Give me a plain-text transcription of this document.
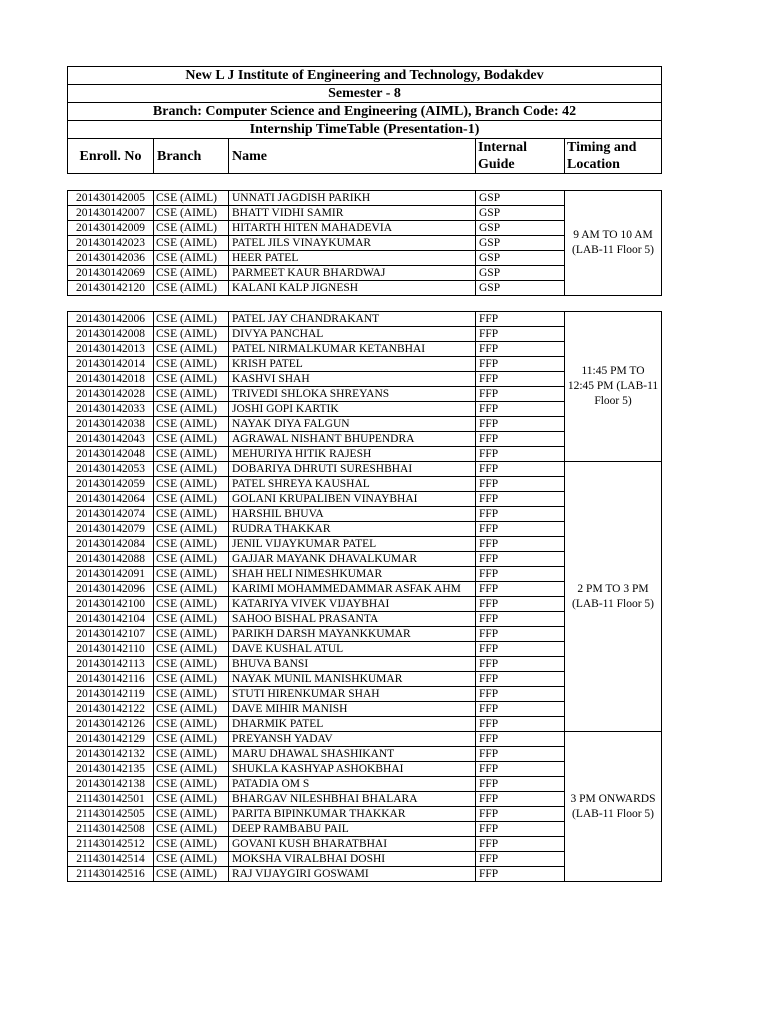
New L J Institute of Engineering and Technology, Bodakdev
Semester - 8
Branch: Computer Science and Engineering (AIML), Branch Code: 42
Internship TimeTable (Presentation-1)
Enroll. No	Branch	Name	Internal Guide	Timing and Location
201430142005	CSE (AIML)	UNNATI JAGDISH PARIKH	GSP	9 AM TO 10 AM (LAB-11 Floor 5)
201430142007	CSE (AIML)	BHATT VIDHI SAMIR	GSP	
201430142009	CSE (AIML)	HITARTH HITEN MAHADEVIA	GSP	
201430142023	CSE (AIML)	PATEL JILS VINAYKUMAR	GSP	
201430142036	CSE (AIML)	HEER PATEL	GSP	
201430142069	CSE (AIML)	PARMEET KAUR BHARDWAJ	GSP	
201430142120	CSE (AIML)	KALANI KALP JIGNESH	GSP	
201430142006	CSE (AIML)	PATEL JAY CHANDRAKANT	FFP	11:45 PM TO 12:45 PM (LAB-11 Floor 5)
201430142008	CSE (AIML)	DIVYA PANCHAL	FFP	
201430142013	CSE (AIML)	PATEL NIRMALKUMAR KETANBHAI	FFP	
201430142014	CSE (AIML)	KRISH PATEL	FFP	
201430142018	CSE (AIML)	KASHVI SHAH	FFP	
201430142028	CSE (AIML)	TRIVEDI SHLOKA SHREYANS	FFP	
201430142033	CSE (AIML)	JOSHI GOPI KARTIK	FFP	
201430142038	CSE (AIML)	NAYAK DIYA FALGUN	FFP	
201430142043	CSE (AIML)	AGRAWAL NISHANT BHUPENDRA	FFP	
201430142048	CSE (AIML)	MEHURIYA HITIK RAJESH	FFP	
201430142053	CSE (AIML)	DOBARIYA DHRUTI SURESHBHAI	FFP	2 PM TO 3 PM (LAB-11 Floor 5)
201430142059	CSE (AIML)	PATEL SHREYA KAUSHAL	FFP	
201430142064	CSE (AIML)	GOLANI KRUPALIBEN VINAYBHAI	FFP	
201430142074	CSE (AIML)	HARSHIL BHUVA	FFP	
201430142079	CSE (AIML)	RUDRA THAKKAR	FFP	
201430142084	CSE (AIML)	JENIL VIJAYKUMAR PATEL	FFP	
201430142088	CSE (AIML)	GAJJAR MAYANK DHAVALKUMAR	FFP	
201430142091	CSE (AIML)	SHAH HELI NIMESHKUMAR	FFP	
201430142096	CSE (AIML)	KARIMI MOHAMMEDAMMAR ASFAK AHM	FFP	
201430142100	CSE (AIML)	KATARIYA VIVEK VIJAYBHAI	FFP	
201430142104	CSE (AIML)	SAHOO BISHAL PRASANTA	FFP	
201430142107	CSE (AIML)	PARIKH DARSH MAYANKKUMAR	FFP	
201430142110	CSE (AIML)	DAVE KUSHAL ATUL	FFP	
201430142113	CSE (AIML)	BHUVA BANSI	FFP	
201430142116	CSE (AIML)	NAYAK MUNIL MANISHKUMAR	FFP	
201430142119	CSE (AIML)	STUTI HIRENKUMAR SHAH	FFP	
201430142122	CSE (AIML)	DAVE MIHIR MANISH	FFP	
201430142126	CSE (AIML)	DHARMIK PATEL	FFP	
201430142129	CSE (AIML)	PREYANSH YADAV	FFP	3 PM ONWARDS (LAB-11 Floor 5)
201430142132	CSE (AIML)	MARU DHAWAL SHASHIKANT	FFP	
201430142135	CSE (AIML)	SHUKLA KASHYAP ASHOKBHAI	FFP	
201430142138	CSE (AIML)	PATADIA OM S	FFP	
211430142501	CSE (AIML)	BHARGAV NILESHBHAI BHALARA	FFP	
211430142505	CSE (AIML)	PARITA BIPINKUMAR THAKKAR	FFP	
211430142508	CSE (AIML)	DEEP RAMBABU PAIL	FFP	
211430142512	CSE (AIML)	GOVANI KUSH BHARATBHAI	FFP	
211430142514	CSE (AIML)	MOKSHA VIRALBHAI DOSHI	FFP	
211430142516	CSE (AIML)	RAJ VIJAYGIRI GOSWAMI	FFP	
